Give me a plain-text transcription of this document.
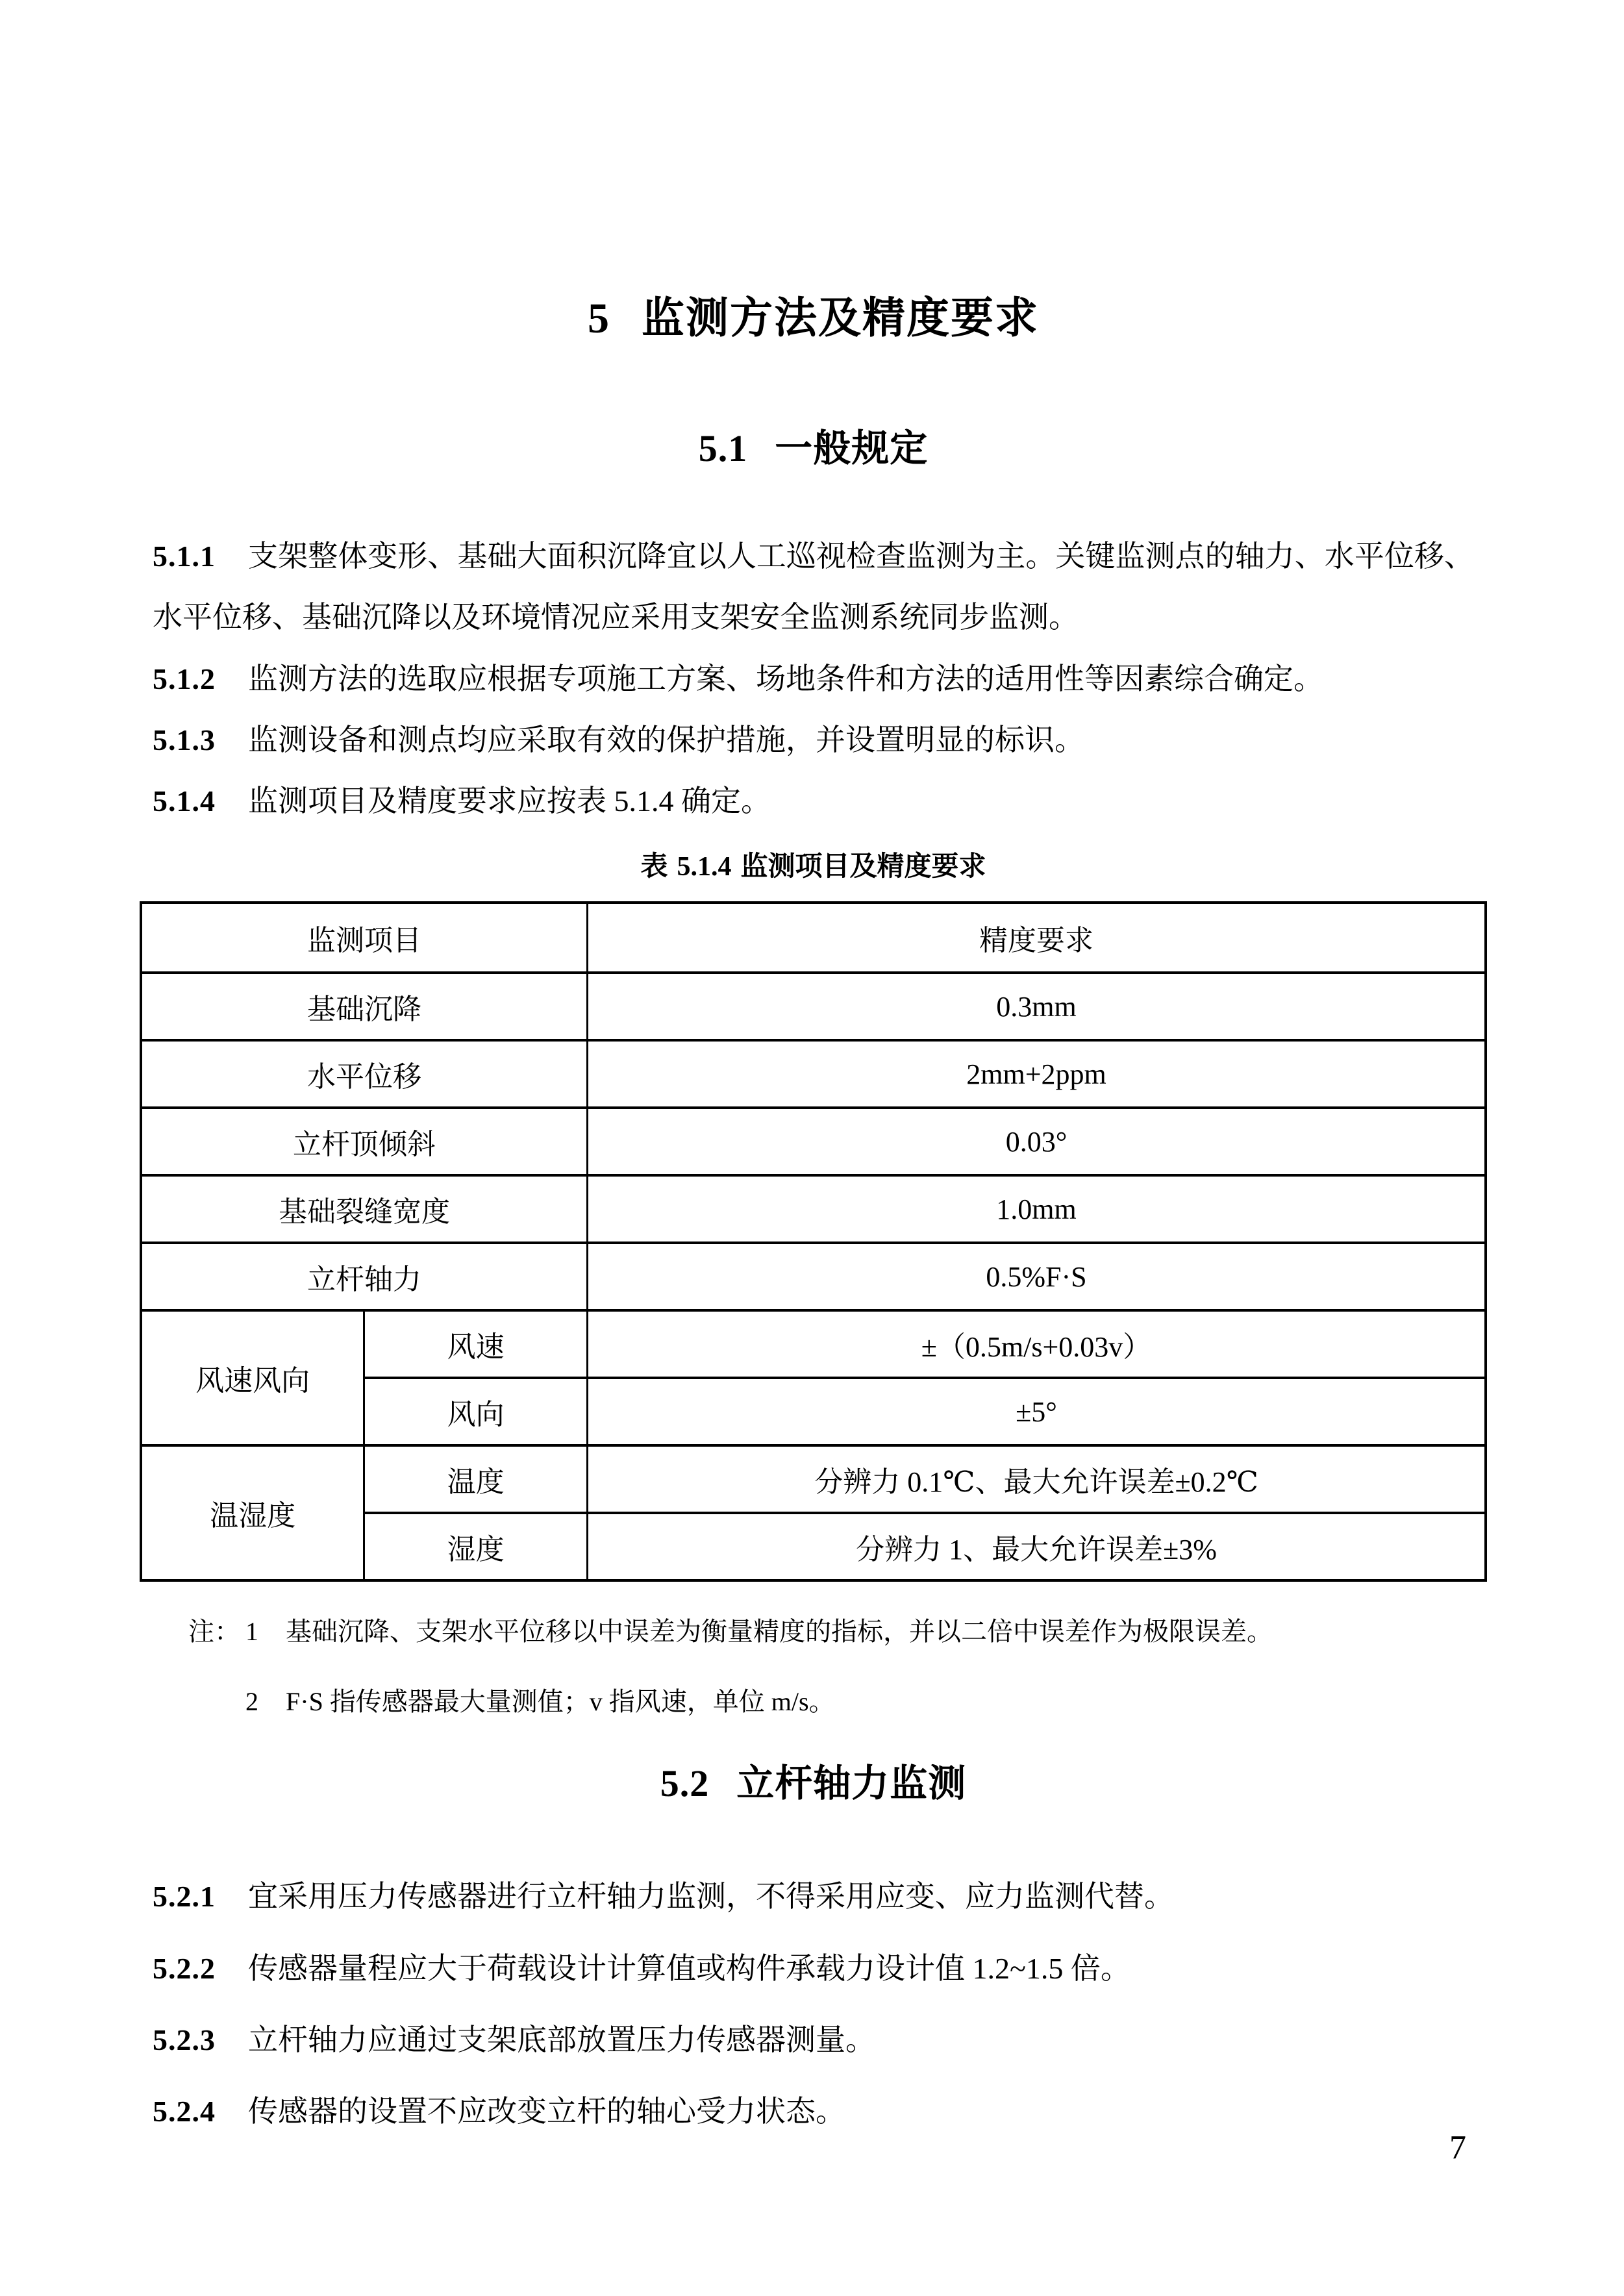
5 监测方法及精度要求
5.1 一般规定

5.1.1 支架整体变形、基础大面积沉降宜以人工巡视检查监测为主。关键监测点的轴力、水平位移、水平位移、基础沉降以及环境情况应采用支架安全监测系统同步监测。

5.1.2 监测方法的选取应根据专项施工方案、场地条件和方法的适用性等因素综合确定。

5.1.3 监测设备和测点均应采取有效的保护措施，并设置明显的标识。

5.1.4 监测项目及精度要求应按表 5.1.4 确定。

表 5.1.4 监测项目及精度要求

监测项目		精度要求
基础沉降		0.3mm
水平位移		2mm+2ppm
立杆顶倾斜		0.03°
基础裂缝宽度		1.0mm
立杆轴力		0.5%F·S
风速风向	风速	±（0.5m/s+0.03v）
	风向	±5°
温湿度	温度	分辨力 0.1℃、最大允许误差±0.2℃
	湿度	分辨力 1、最大允许误差±3%
注： 1	基础沉降、支架水平位移以中误差为衡量精度的指标，并以二倍中误差作为极限误差。
2	F·S 指传感器最大量测值；v 指风速，单位 m/s。
5.2 立杆轴力监测

5.2.1 宜采用压力传感器进行立杆轴力监测，不得采用应变、应力监测代替。

5.2.2 传感器量程应大于荷载设计计算值或构件承载力设计值 1.2~1.5 倍。

5.2.3 立杆轴力应通过支架底部放置压力传感器测量。

5.2.4 传感器的设置不应改变立杆的轴心受力状态。

7
